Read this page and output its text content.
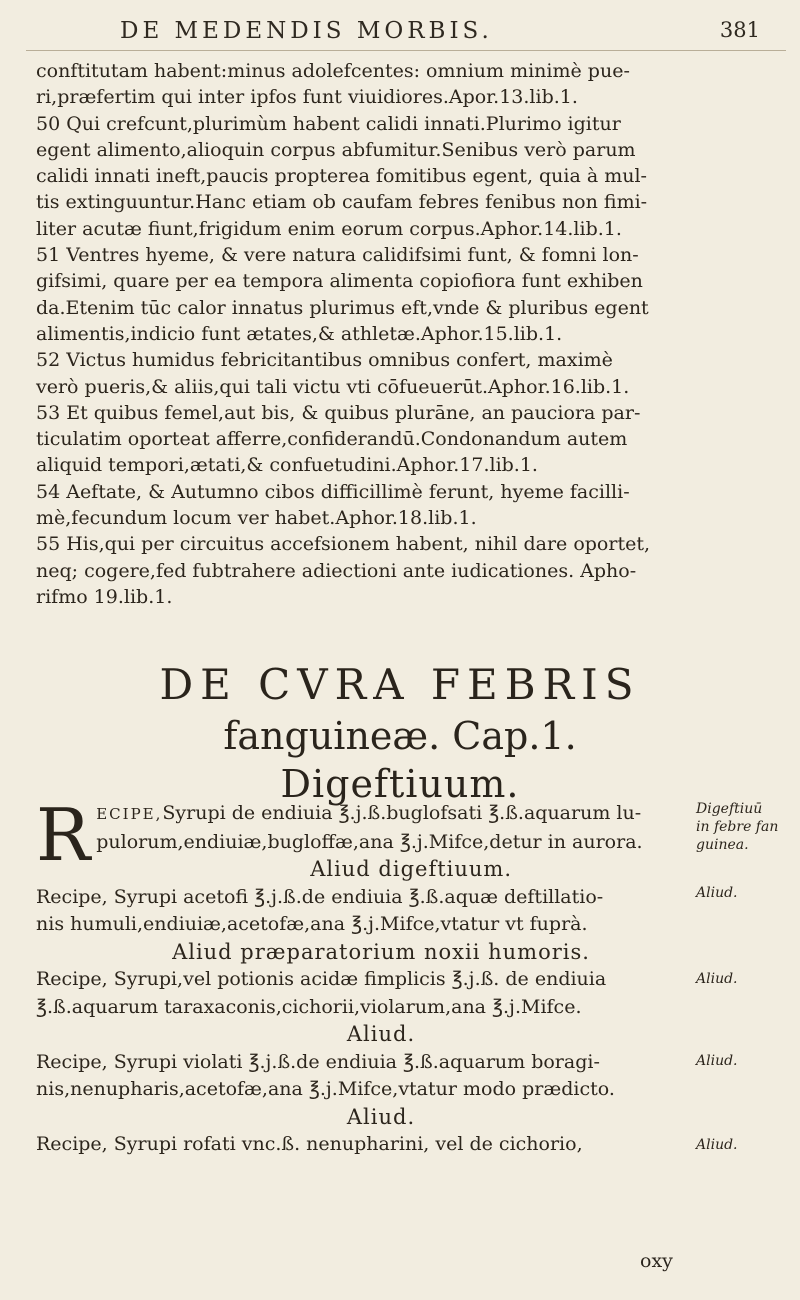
DE MEDENDIS MORBIS.	381

conftitutam habent:minus adolefcentes: omnium minimè pue-

ri,præfertim qui inter ipfos funt viuidiores.Apor.13.lib.1.

50 Qui crefcunt,plurimùm habent calidi innati.Plurimo igitur

egent alimento,alioquin corpus abfumitur.Senibus verò parum

calidi innati ineft,paucis propterea fomitibus egent, quia à mul-

tis extinguuntur.Hanc etiam ob caufam febres fenibus non fimi-

liter acutæ fiunt,frigidum enim eorum corpus.Aphor.14.lib.1.

51 Ventres hyeme, & vere natura calidifsimi funt, & fomni lon-

gifsimi, quare per ea tempora alimenta copiofiora funt exhiben

da.Etenim tūc calor innatus plurimus eft,vnde & pluribus egent

alimentis,indicio funt ætates,& athletæ.Aphor.15.lib.1.

52 Victus humidus febricitantibus omnibus confert, maximè

verò pueris,& aliis,qui tali victu vti cōfueuerūt.Aphor.16.lib.1.

53 Et quibus femel,aut bis, & quibus plurāne, an pauciora par-

ticulatim oporteat afferre,confiderandū.Condonandum autem

aliquid tempori,ætati,& confuetudini.Aphor.17.lib.1.

54 Aeftate, & Autumno cibos difficillimè ferunt, hyeme facilli-

mè,fecundum locum ver habet.Aphor.18.lib.1.

55 His,qui per circuitus accefsionem habent, nihil dare oportet,

neq; cogere,fed fubtrahere adiectioni ante iudicationes. Apho-

rifmo 19.lib.1.

DE CVRA FEBRIS
fanguineæ. Cap.1.
Digeftiuum.

RECIPE,Syrupi de endiuia ℥.j.ß.buglofsati ℥.ß.aquarum lu-

pulorum,endiuiæ,bugloffæ,ana ℥.j.Mifce,detur in aurora.

Aliud digeftiuum.

Recipe, Syrupi acetofi ℥.j.ß.de endiuia ℥.ß.aquæ deftillatio-

nis humuli,endiuiæ,acetofæ,ana ℥.j.Mifce,vtatur vt fuprà.

Aliud præparatorium noxii humoris.

Recipe, Syrupi,vel potionis acidæ fimplicis ℥.j.ß. de endiuia

℥.ß.aquarum taraxaconis,cichorii,violarum,ana ℥.j.Mifce.

Aliud.

Recipe, Syrupi violati ℥.j.ß.de endiuia ℥.ß.aquarum boragi-

nis,nenupharis,acetofæ,ana ℥.j.Mifce,vtatur modo prædicto.

Aliud.

Recipe, Syrupi rofati vnc.ß. nenupharini, vel de cichorio,

Digeftiuū
in febre fan
guinea.
Aliud.
Aliud.
Aliud.
Aliud.
oxy
